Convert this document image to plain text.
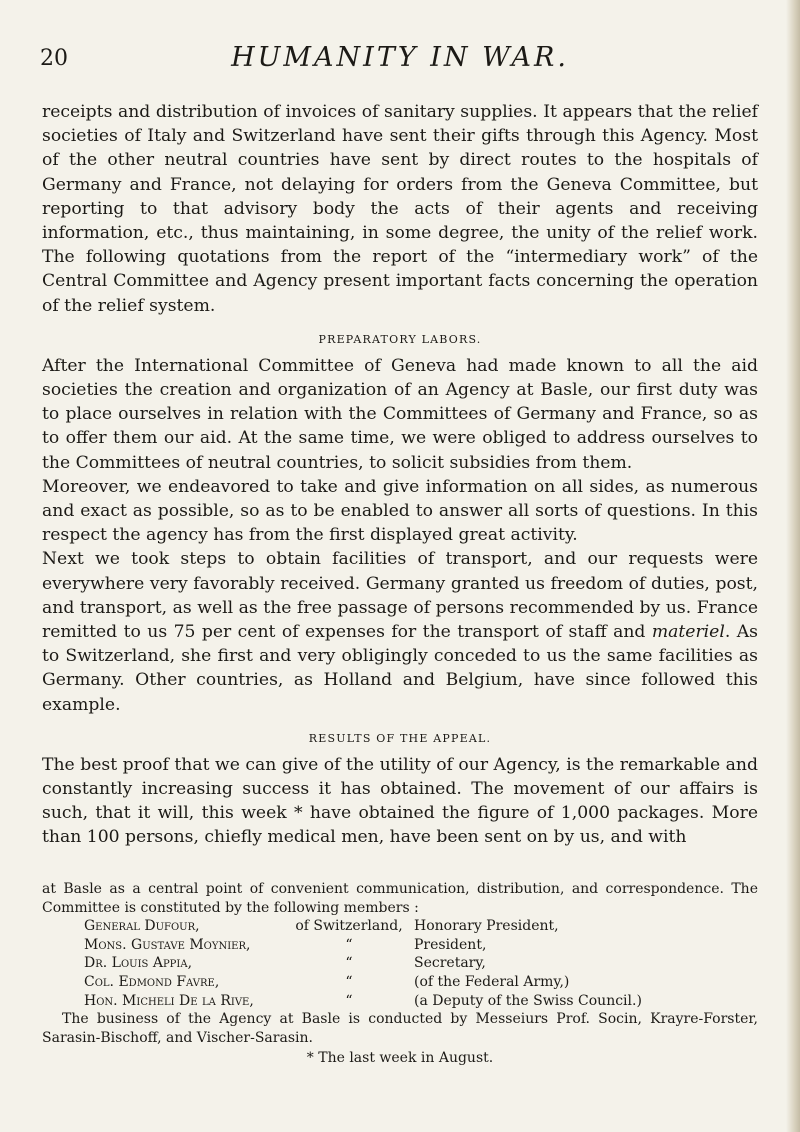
20	HUMANITY IN WAR.

receipts and distribution of invoices of sanitary supplies. It appears that the relief societies of Italy and Switzerland have sent their gifts through this Agency. Most of the other neutral countries have sent by direct routes to the hospitals of Germany and France, not delaying for orders from the Geneva Committee, but reporting to that advisory body the acts of their agents and receiving information, etc., thus maintaining, in some degree, the unity of the relief work. The following quotations from the report of the “intermediary work” of the Central Committee and Agency present important facts concerning the operation of the relief system.

PREPARATORY LABORS.

After the International Committee of Geneva had made known to all the aid societies the creation and organization of an Agency at Basle, our first duty was to place ourselves in relation with the Committees of Germany and France, so as to offer them our aid. At the same time, we were obliged to address ourselves to the Committees of neutral countries, to solicit subsidies from them.

Moreover, we endeavored to take and give information on all sides, as numerous and exact as possible, so as to be enabled to answer all sorts of questions. In this respect the agency has from the first displayed great activity.

Next we took steps to obtain facilities of transport, and our requests were everywhere very favorably received. Germany granted us freedom of duties, post, and transport, as well as the free passage of persons recommended by us. France remitted to us 75 per cent of expenses for the transport of staff and materiel. As to Switzerland, she first and very obligingly conceded to us the same facilities as Germany. Other countries, as Holland and Belgium, have since followed this example.

RESULTS OF THE APPEAL.

The best proof that we can give of the utility of our Agency, is the remarkable and constantly increasing success it has obtained. The movement of our affairs is such, that it will, this week * have obtained the figure of 1,000 packages. More than 100 persons, chiefly medical men, have been sent on by us, and with

at Basle as a central point of convenient communication, distribution, and correspondence. The Committee is constituted by the following members :

General Dufour,	of Switzerland, Honorary President,
Mons. Gustave Moynier,	“	President,
Dr. Louis Appia,	“	Secretary,
Col. Edmond Favre,	“	(of the Federal Army,)
Hon. Micheli De la Rive,	“	(a Deputy of the Swiss Council.)

The business of the Agency at Basle is conducted by Messeiurs Prof. Socin, Krayre-Forster, Sarasin-Bischoff, and Vischer-Sarasin.

* The last week in August.
